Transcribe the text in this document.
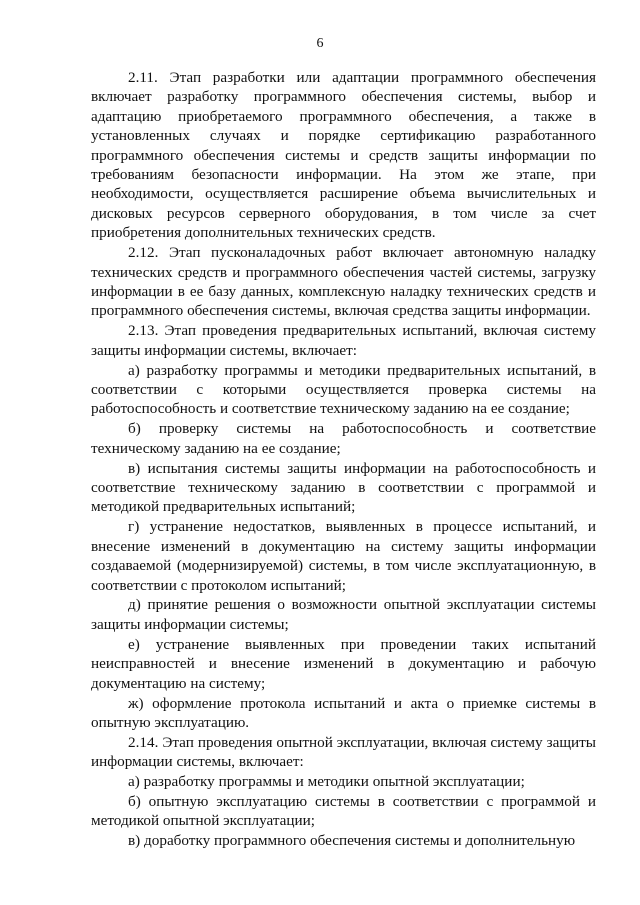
6

2.11. Этап разработки или адаптации программного обеспечения включает разработку программного обеспечения системы, выбор и адаптацию приобретаемого программного обеспечения, а также в установленных случаях и порядке сертификацию разработанного программного обеспечения системы и средств защиты информации по требованиям безопасности информации. На этом же этапе, при необходимости, осуществляется расширение объема вычислительных и дисковых ресурсов серверного оборудования, в том числе за счет приобретения дополнительных технических средств.

2.12. Этап пусконаладочных работ включает автономную наладку технических средств и программного обеспечения частей системы, загрузку информации в ее базу данных, комплексную наладку технических средств и программного обеспечения системы, включая средства защиты информации.

2.13. Этап проведения предварительных испытаний, включая систему защиты информации системы, включает:

а) разработку программы и методики предварительных испытаний, в соответствии с которыми осуществляется проверка системы на работоспособность и соответствие техническому заданию на ее создание;

б) проверку системы на работоспособность и соответствие техническому заданию на ее создание;

в) испытания системы защиты информации на работоспособность и соответствие техническому заданию в соответствии с программой и методикой предварительных испытаний;

г) устранение недостатков, выявленных в процессе испытаний, и внесение изменений в документацию на систему защиты информации создаваемой (модернизируемой) системы, в том числе эксплуатационную, в соответствии с протоколом испытаний;

д) принятие решения о возможности опытной эксплуатации системы защиты информации системы;

е) устранение выявленных при проведении таких испытаний неисправностей и внесение изменений в документацию и рабочую документацию на систему;

ж) оформление протокола испытаний и акта о приемке системы в опытную эксплуатацию.

2.14. Этап проведения опытной эксплуатации, включая систему защиты информации системы, включает:

а) разработку программы и методики опытной эксплуатации;

б) опытную эксплуатацию системы в соответствии с программой и методикой опытной эксплуатации;

в) доработку программного обеспечения системы и дополнительную
